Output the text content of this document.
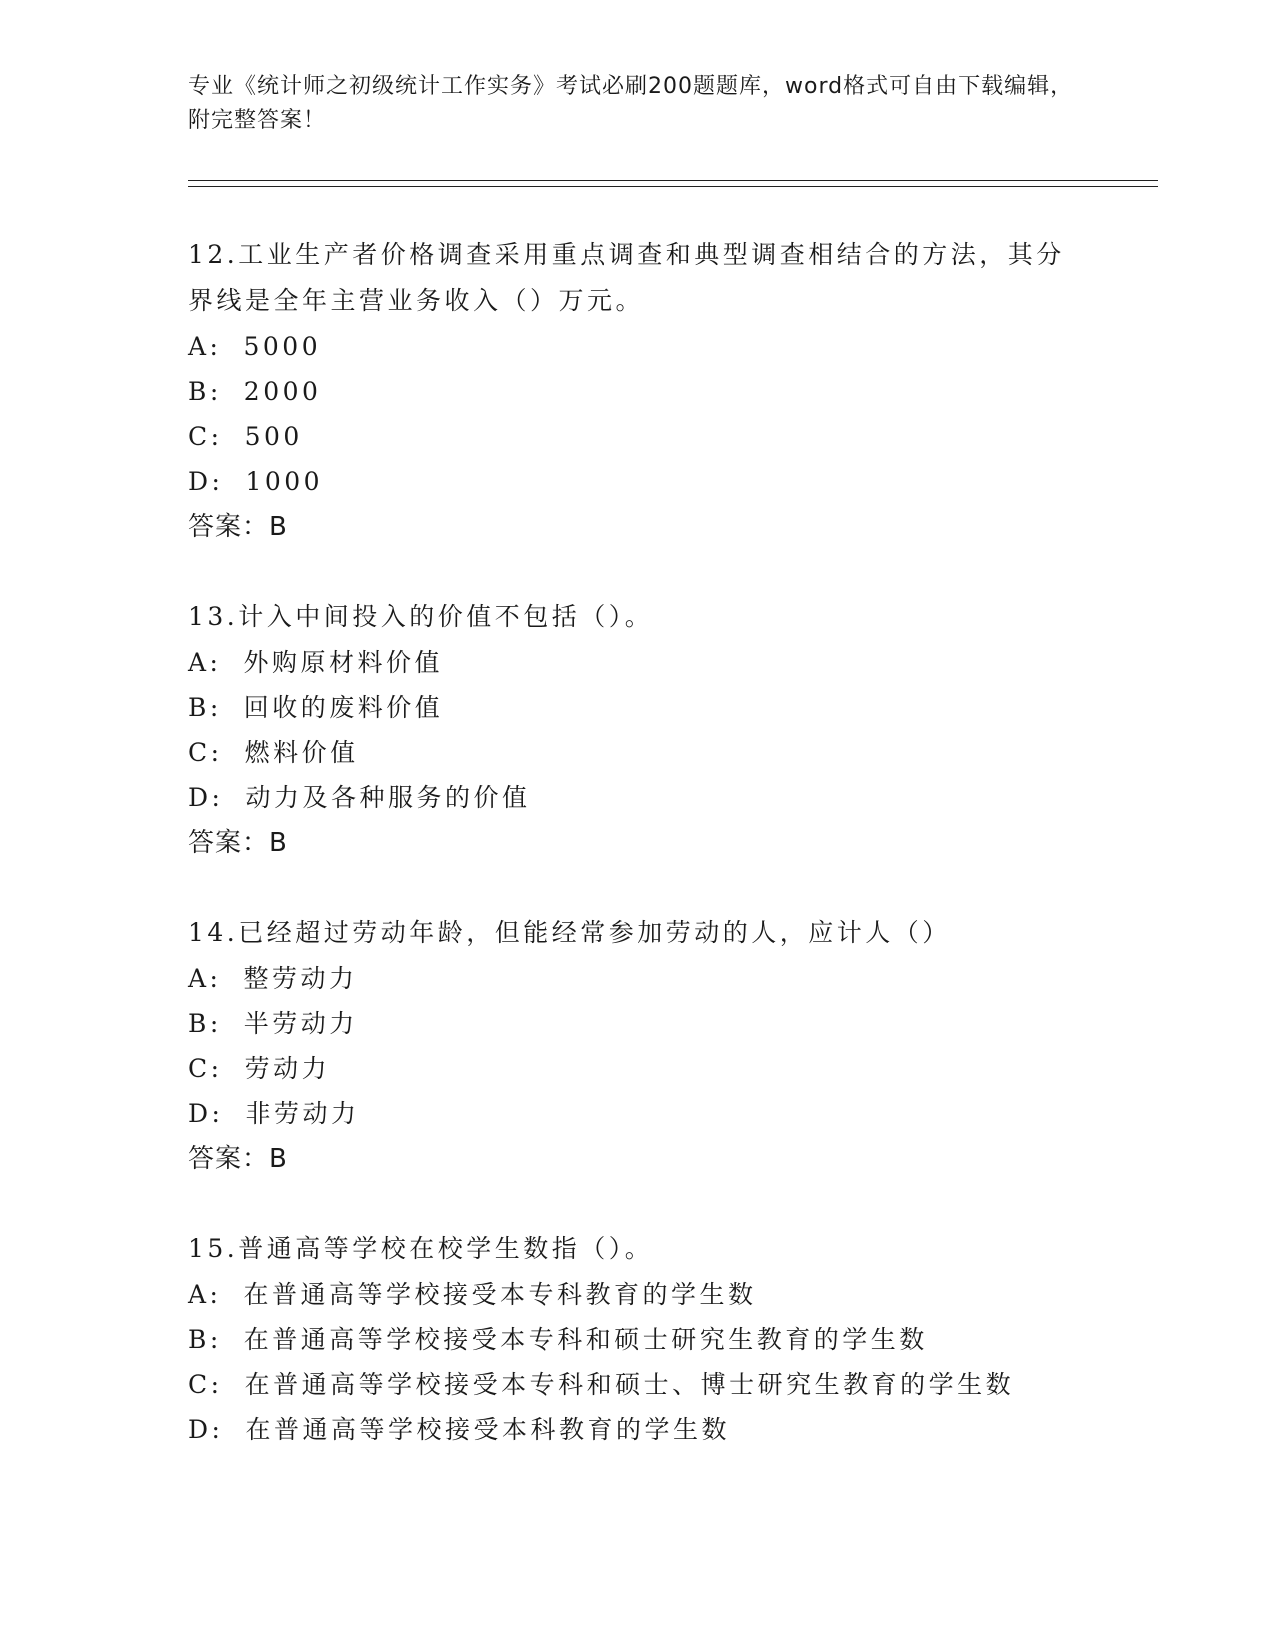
专业《统计师之初级统计工作实务》考试必刷200题题库，word格式可自由下载编辑，附完整答案！
12.工业生产者价格调查采用重点调查和典型调查相结合的方法，其分界线是全年主营业务收入（）万元。
A: 5000
B: 2000
C: 500
D: 1000
答案：B
13.计入中间投入的价值不包括（）。
A: 外购原材料价值
B: 回收的废料价值
C: 燃料价值
D: 动力及各种服务的价值
答案：B
14.已经超过劳动年龄，但能经常参加劳动的人，应计人（）
A: 整劳动力
B: 半劳动力
C: 劳动力
D: 非劳动力
答案：B
15.普通高等学校在校学生数指（）。
A: 在普通高等学校接受本专科教育的学生数
B: 在普通高等学校接受本专科和硕士研究生教育的学生数
C: 在普通高等学校接受本专科和硕士、博士研究生教育的学生数
D: 在普通高等学校接受本科教育的学生数
